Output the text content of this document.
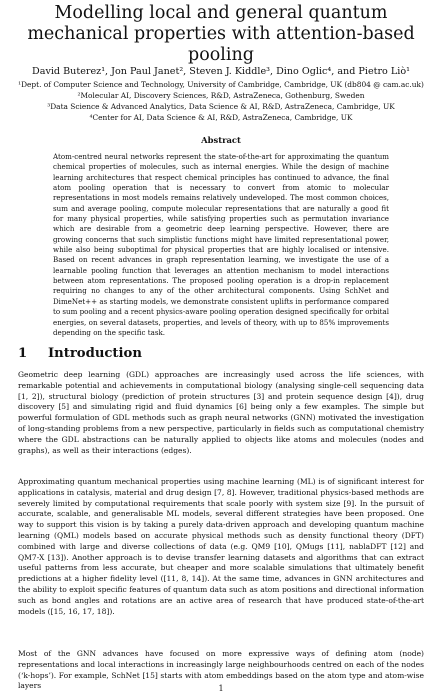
Modelling local and general quantum mechanical properties with attention-based pooling
David Buterez¹, Jon Paul Janet², Steven J. Kiddle³, Dino Oglic⁴, and Pietro Liò¹

¹Dept. of Computer Science and Technology, University of Cambridge, Cambridge, UK (db804 @ cam.ac.uk)

²Molecular AI, Discovery Sciences, R&D, AstraZeneca, Gothenburg, Sweden

³Data Science & Advanced Analytics, Data Science & AI, R&D, AstraZeneca, Cambridge, UK

⁴Center for AI, Data Science & AI, R&D, AstraZeneca, Cambridge, UK

Abstract

Atom-centred neural networks represent the state-of-the-art for approximating the quantum chemical properties of molecules, such as internal energies. While the design of machine learning architectures that respect chemical principles has continued to advance, the final atom pooling operation that is necessary to convert from atomic to molecular representations in most models remains relatively undeveloped. The most common choices, sum and average pooling, compute molecular representations that are naturally a good fit for many physical properties, while satisfying properties such as permutation invariance which are desirable from a geometric deep learning perspective. However, there are growing concerns that such simplistic functions might have limited representational power, while also being suboptimal for physical properties that are highly localised or intensive. Based on recent advances in graph representation learning, we investigate the use of a learnable pooling function that leverages an attention mechanism to model interactions between atom representations. The proposed pooling operation is a drop-in replacement requiring no changes to any of the other architectural components. Using SchNet and DimeNet++ as starting models, we demonstrate consistent uplifts in performance compared to sum pooling and a recent physics-aware pooling operation designed specifically for orbital energies, on several datasets, properties, and levels of theory, with up to 85% improvements depending on the specific task.

1 Introduction

Geometric deep learning (GDL) approaches are increasingly used across the life sciences, with remarkable potential and achievements in computational biology (analysing single-cell sequencing data [1, 2]), structural biology (prediction of protein structures [3] and protein sequence design [4]), drug discovery [5] and simulating rigid and fluid dynamics [6] being only a few examples. The simple but powerful formulation of GDL methods such as graph neural networks (GNN) motivated the investigation of long-standing problems from a new perspective, particularly in fields such as computational chemistry where the GDL abstractions can be naturally applied to objects like atoms and molecules (nodes and graphs), as well as their interactions (edges).

Approximating quantum mechanical properties using machine learning (ML) is of significant interest for applications in catalysis, material and drug design [7, 8]. However, traditional physics-based methods are severely limited by computational requirements that scale poorly with system size [9]. In the pursuit of accurate, scalable, and generalisable ML models, several different strategies have been proposed. One way to support this vision is by taking a purely data-driven approach and developing quantum machine learning (QML) models based on accurate physical methods such as density functional theory (DFT) combined with large and diverse collections of data (e.g. QM9 [10], QMugs [11], nablaDFT [12] and QM7-X [13]). Another approach is to devise transfer learning datasets and algorithms that can extract useful patterns from less accurate, but cheaper and more scalable simulations that ultimately benefit predictions at a higher fidelity level ([11, 8, 14]). At the same time, advances in GNN architectures and the ability to exploit specific features of quantum data such as atom positions and directional information such as bond angles and rotations are an active area of research that have produced state-of-the-art models ([15, 16, 17, 18]).

Most of the GNN advances have focused on more expressive ways of defining atom (node) representations and local interactions in increasingly large neighbourhoods centred on each of the nodes (‘k-hops’). For example, SchNet [15] starts with atom embeddings based on the atom type and atom-wise layers	1
